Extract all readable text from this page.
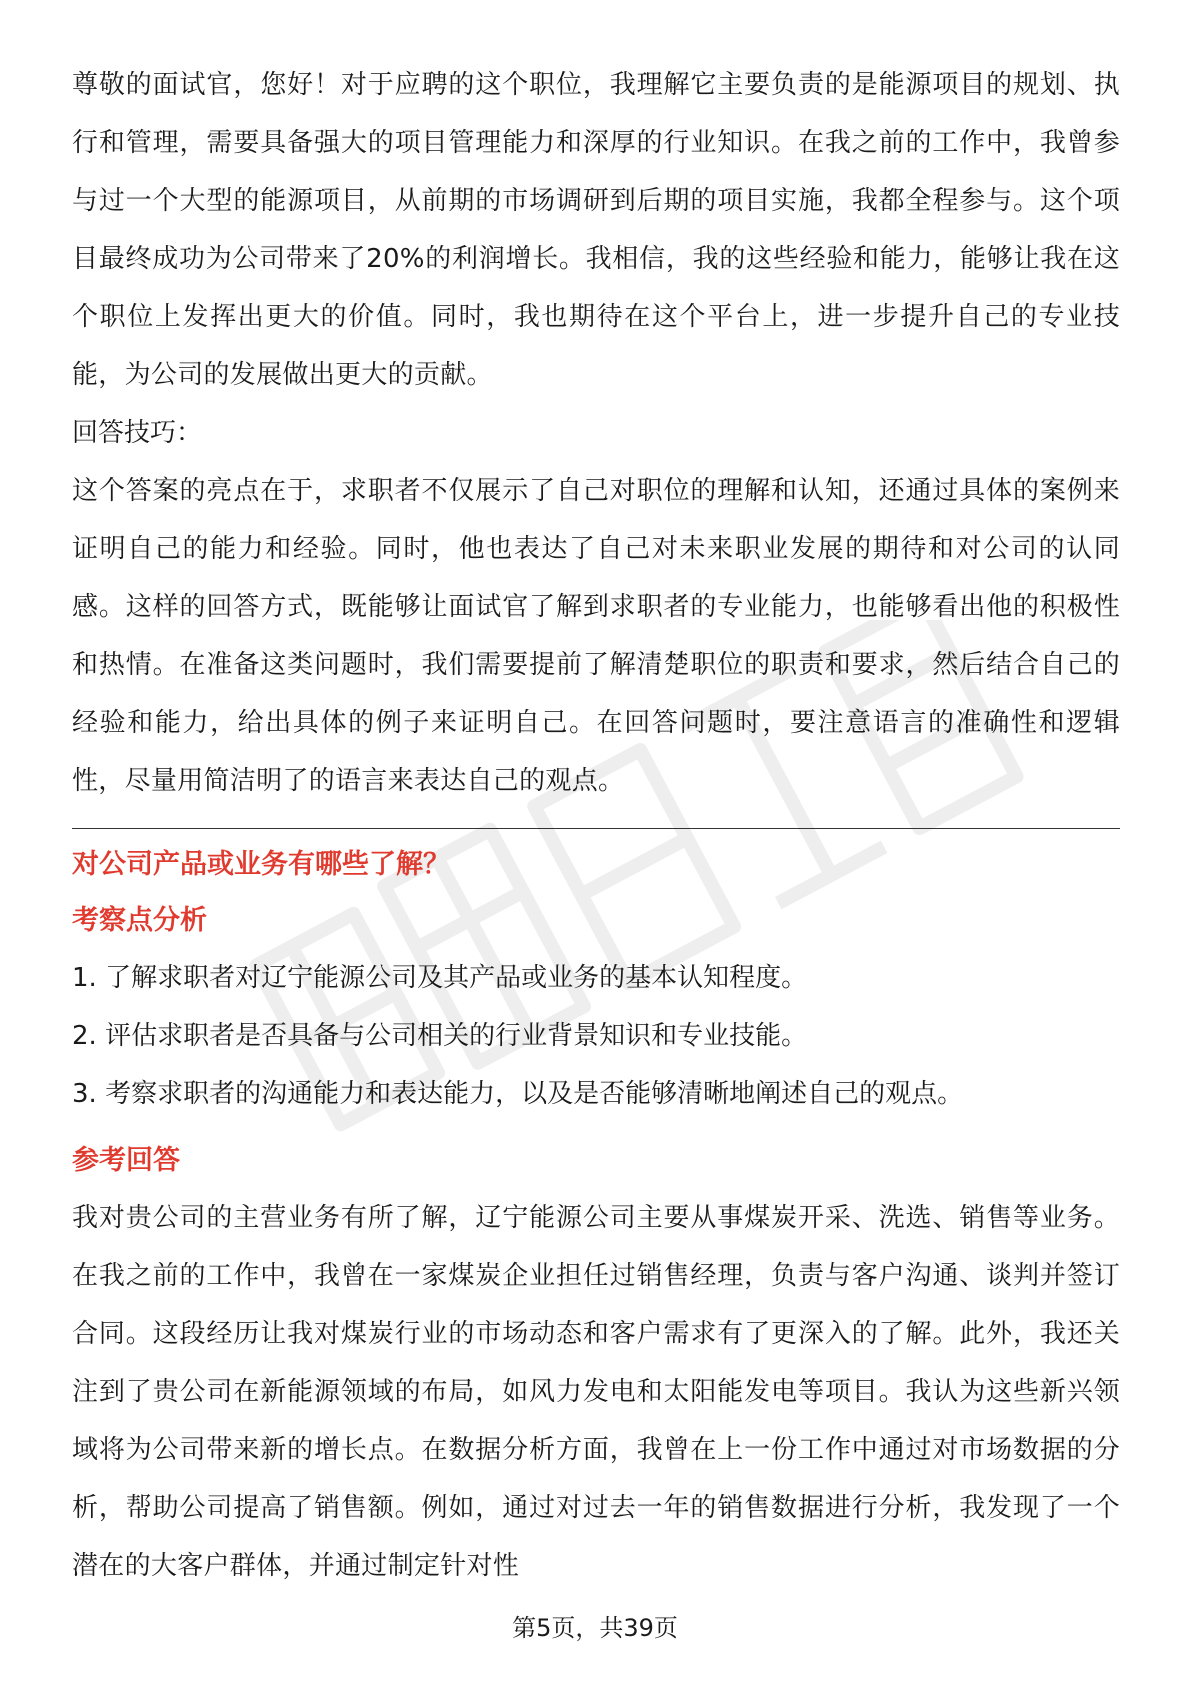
尊敬的面试官，您好！对于应聘的这个职位，我理解它主要负责的是能源项目的规划、执行和管理，需要具备强大的项目管理能力和深厚的行业知识。在我之前的工作中，我曾参与过一个大型的能源项目，从前期的市场调研到后期的项目实施，我都全程参与。这个项目最终成功为公司带来了20%的利润增长。我相信，我的这些经验和能力，能够让我在这个职位上发挥出更大的价值。同时，我也期待在这个平台上，进一步提升自己的专业技能，为公司的发展做出更大的贡献。

回答技巧：

这个答案的亮点在于，求职者不仅展示了自己对职位的理解和认知，还通过具体的案例来证明自己的能力和经验。同时，他也表达了自己对未来职业发展的期待和对公司的认同感。这样的回答方式，既能够让面试官了解到求职者的专业能力，也能够看出他的积极性和热情。在准备这类问题时，我们需要提前了解清楚职位的职责和要求，然后结合自己的经验和能力，给出具体的例子来证明自己。在回答问题时，要注意语言的准确性和逻辑性，尽量用简洁明了的语言来表达自己的观点。

对公司产品或业务有哪些了解？

考察点分析

1. 了解求职者对辽宁能源公司及其产品或业务的基本认知程度。

2. 评估求职者是否具备与公司相关的行业背景知识和专业技能。

3. 考察求职者的沟通能力和表达能力，以及是否能够清晰地阐述自己的观点。

参考回答

我对贵公司的主营业务有所了解，辽宁能源公司主要从事煤炭开采、洗选、销售等业务。在我之前的工作中，我曾在一家煤炭企业担任过销售经理，负责与客户沟通、谈判并签订合同。这段经历让我对煤炭行业的市场动态和客户需求有了更深入的了解。此外，我还关注到了贵公司在新能源领域的布局，如风力发电和太阳能发电等项目。我认为这些新兴领域将为公司带来新的增长点。在数据分析方面，我曾在上一份工作中通过对市场数据的分析，帮助公司提高了销售额。例如，通过对过去一年的销售数据进行分析，我发现了一个潜在的大客户群体，并通过制定针对性

第5页，共39页
